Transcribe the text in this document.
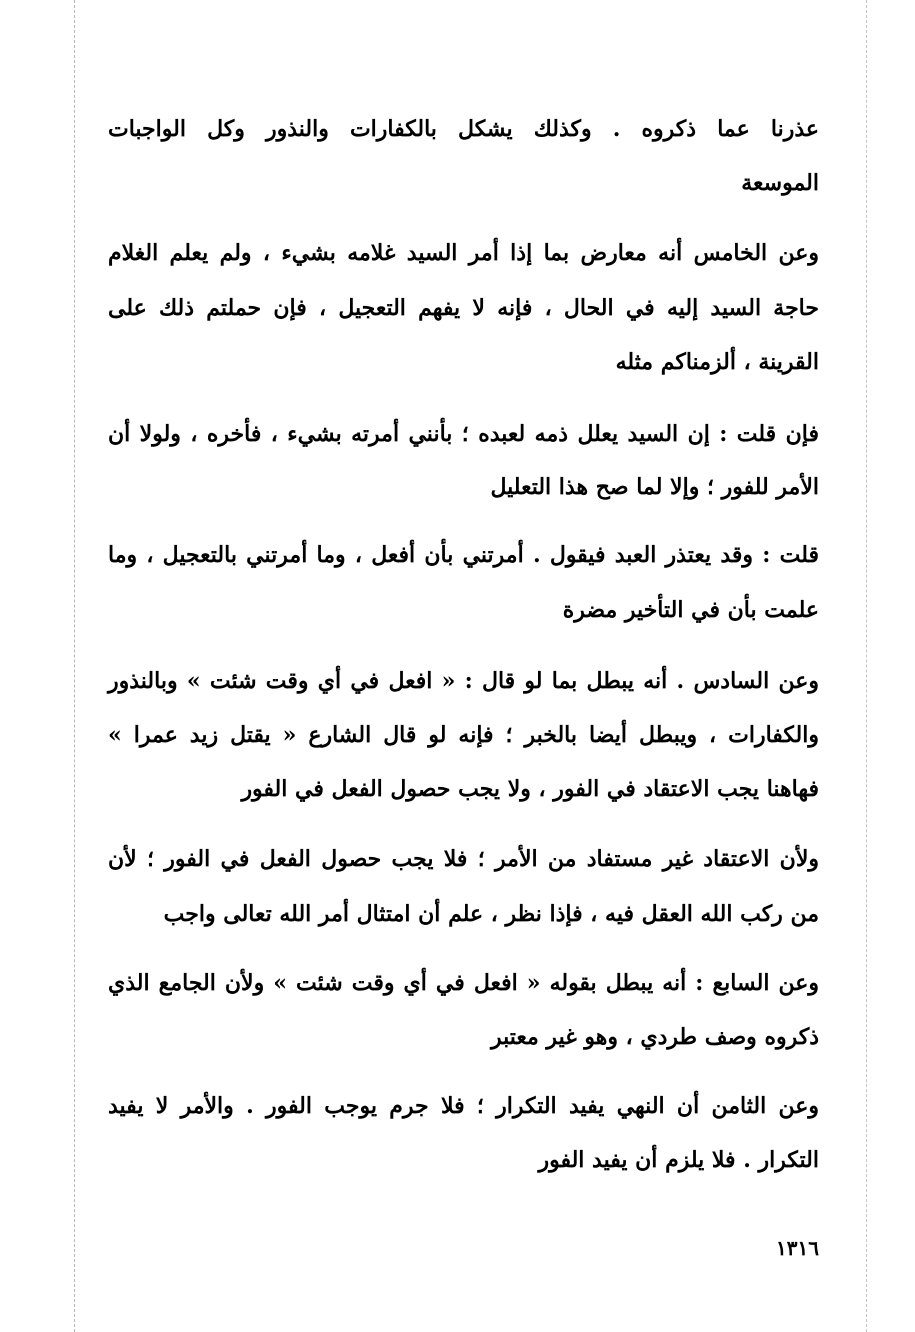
عذرنا عما ذكروه . وكذلك يشكل بالكفارات والنذور وكل الواجبات
الموسعة
وعن الخامس أنه معارض بما إذا أمر السيد غلامه بشيء ، ولم يعلم الغلام
حاجة السيد إليه في الحال ، فإنه لا يفهم التعجيل ، فإن حملتم ذلك على
القرينة ، ألزمناكم مثله
فإن قلت : إن السيد يعلل ذمه لعبده ؛ بأنني أمرته بشيء ، فأخره ، ولولا أن
الأمر للفور ؛ وإلا لما صح هذا التعليل
قلت : وقد يعتذر العبد فيقول . أمرتني بأن أفعل ، وما أمرتني بالتعجيل ، وما
علمت بأن في التأخير مضرة
وعن السادس . أنه يبطل بما لو قال : « افعل في أي وقت شئت » وبالنذور
والكفارات ، ويبطل أيضا بالخبر ؛ فإنه لو قال الشارع « يقتل زيد عمرا »
فهاهنا يجب الاعتقاد في الفور ، ولا يجب حصول الفعل في الفور
ولأن الاعتقاد غير مستفاد من الأمر ؛ فلا يجب حصول الفعل في الفور ؛ لأن
من ركب الله العقل فيه ، فإذا نظر ، علم أن امتثال أمر الله تعالى واجب
وعن السابع : أنه يبطل بقوله « افعل في أي وقت شئت » ولأن الجامع الذي
ذكروه وصف طردي ، وهو غير معتبر
وعن الثامن أن النهي يفيد التكرار ؛ فلا جرم يوجب الفور . والأمر لا يفيد
التكرار . فلا يلزم أن يفيد الفور
١٣١٦
